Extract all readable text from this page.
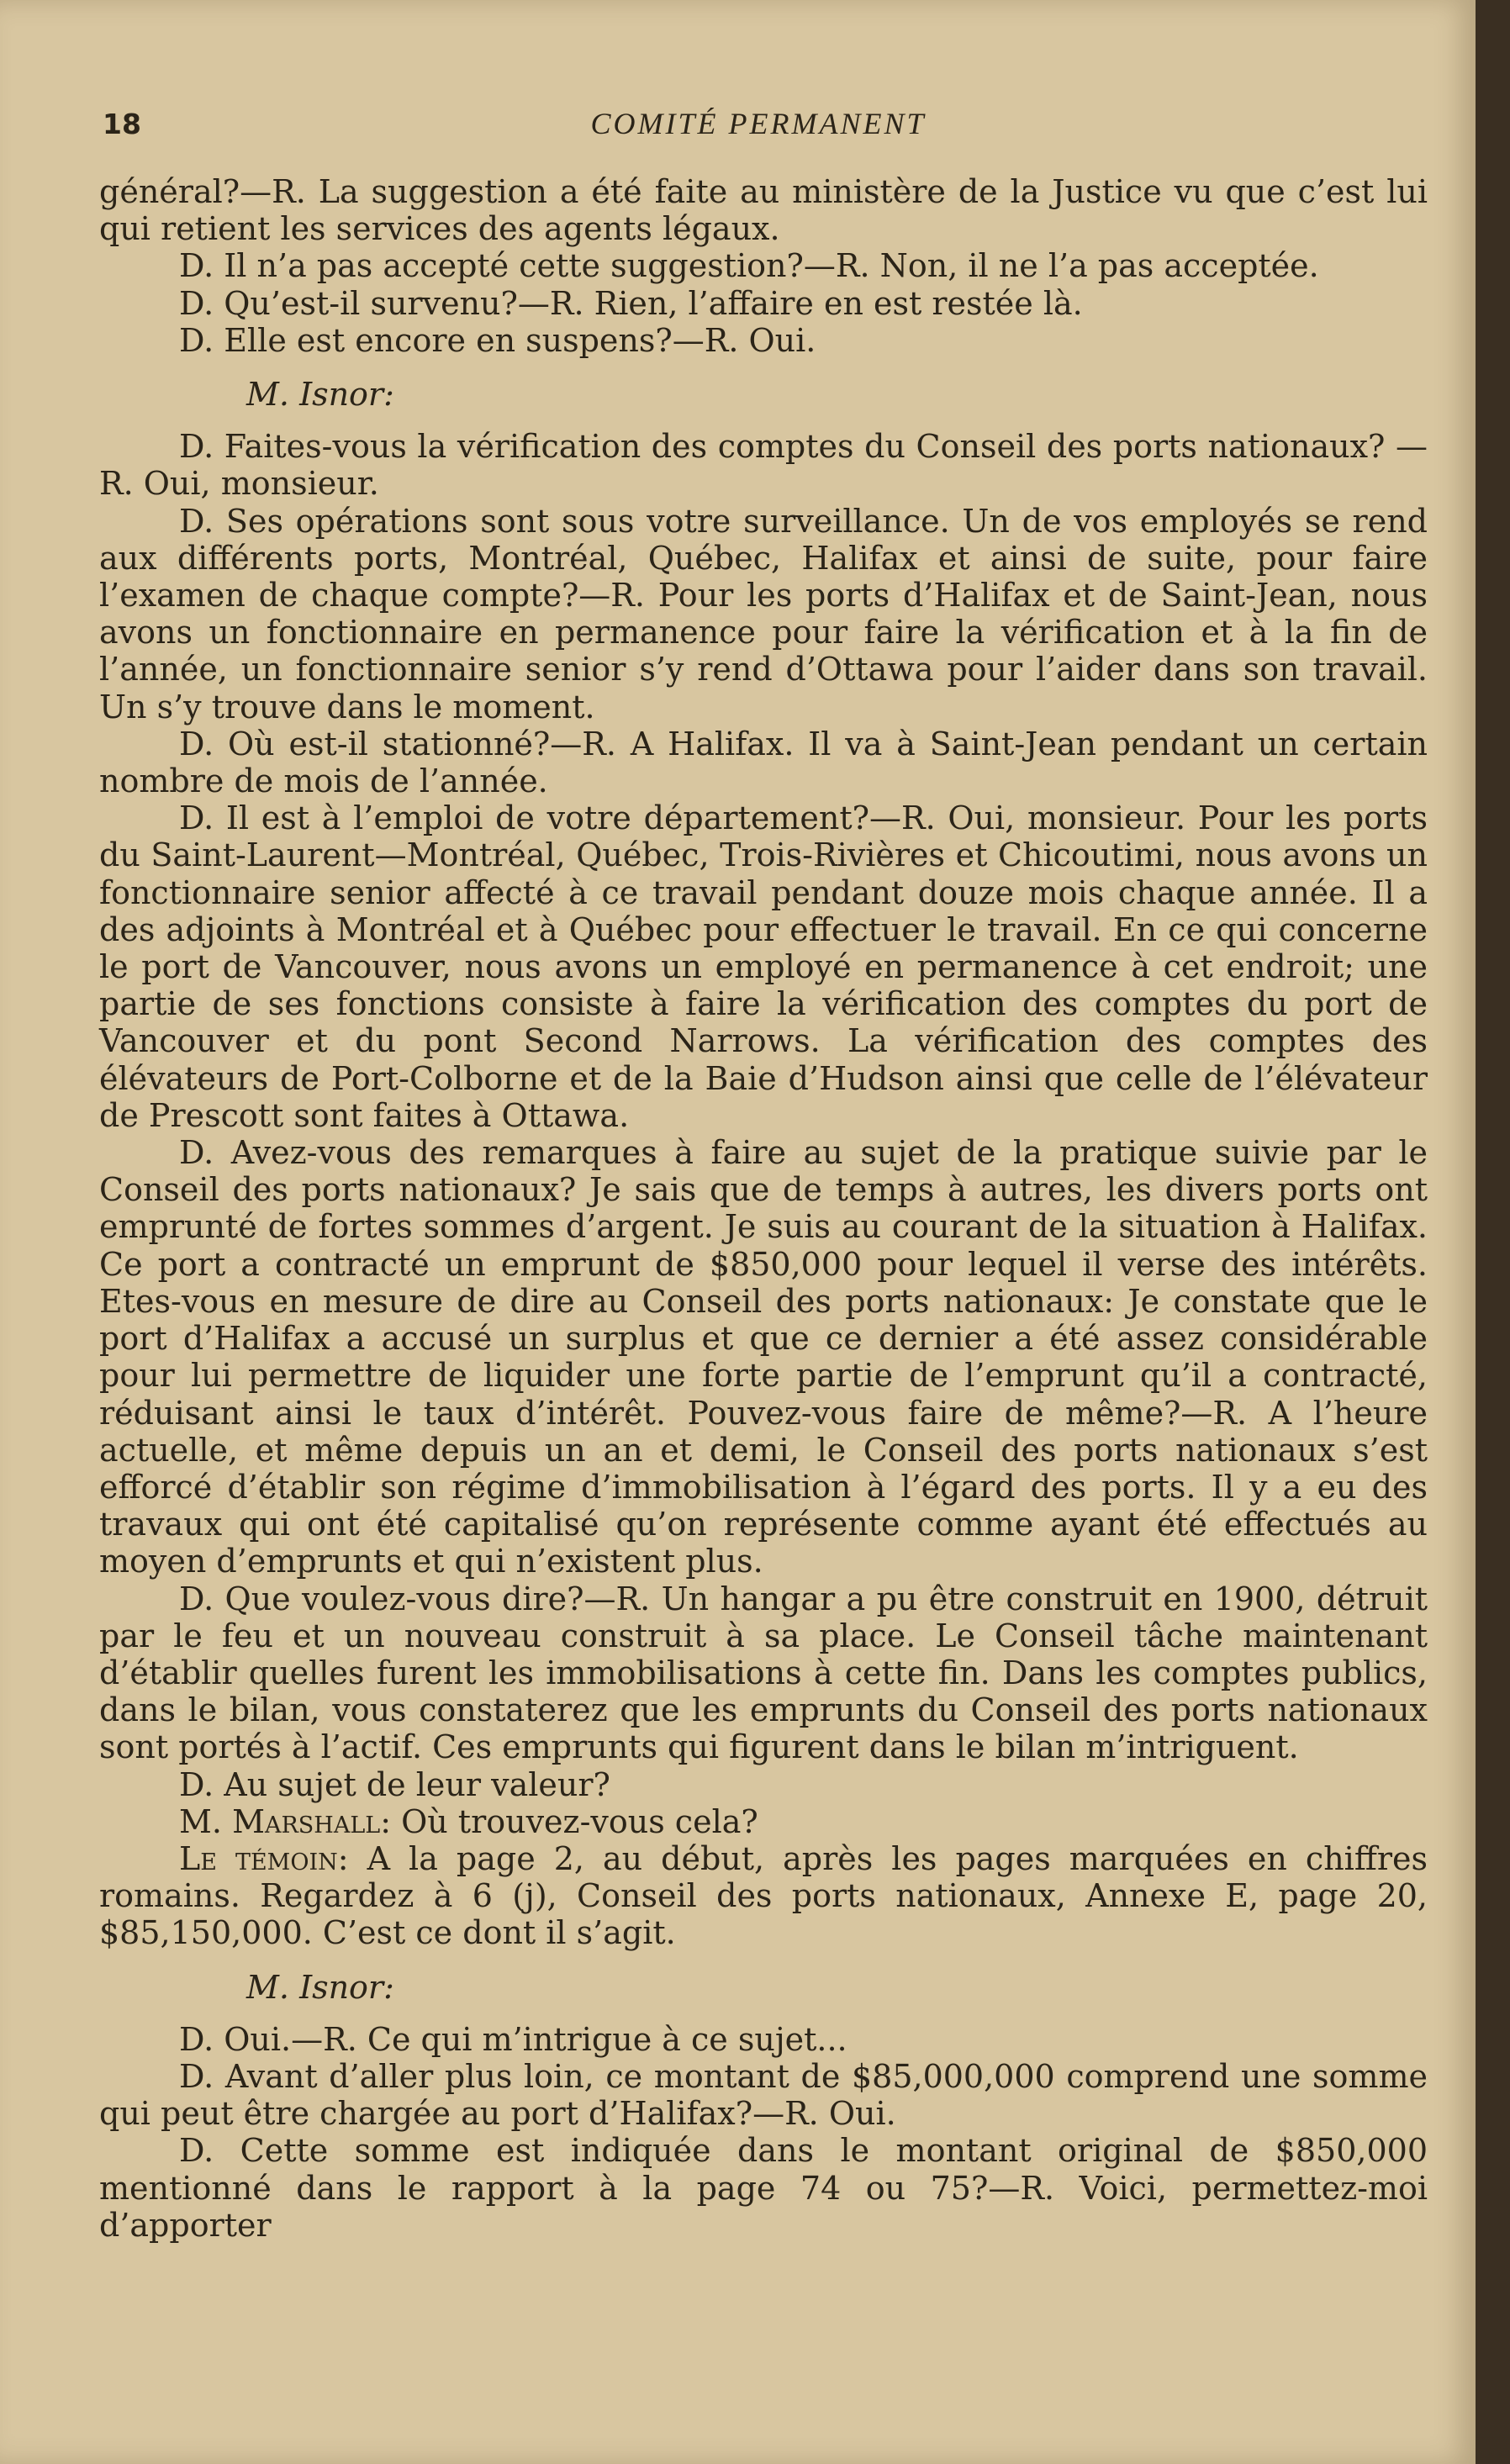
18	COMITÉ PERMANENT

général?—R. La suggestion a été faite au ministère de la Justice vu que c’est lui qui retient les services des agents légaux.

D. Il n’a pas accepté cette suggestion?—R. Non, il ne l’a pas acceptée.

D. Qu’est-il survenu?—R. Rien, l’affaire en est restée là.

D. Elle est encore en suspens?—R. Oui.

M. Isnor:

D. Faites-vous la vérification des comptes du Conseil des ports nationaux? —R. Oui, monsieur.

D. Ses opérations sont sous votre surveillance. Un de vos employés se rend aux différents ports, Montréal, Québec, Halifax et ainsi de suite, pour faire l’examen de chaque compte?—R. Pour les ports d’Halifax et de Saint-Jean, nous avons un fonctionnaire en permanence pour faire la vérification et à la fin de l’année, un fonctionnaire senior s’y rend d’Ottawa pour l’aider dans son travail. Un s’y trouve dans le moment.

D. Où est-il stationné?—R. A Halifax. Il va à Saint-Jean pendant un certain nombre de mois de l’année.

D. Il est à l’emploi de votre département?—R. Oui, monsieur. Pour les ports du Saint-Laurent—Montréal, Québec, Trois-Rivières et Chicoutimi, nous avons un fonctionnaire senior affecté à ce travail pendant douze mois chaque année. Il a des adjoints à Montréal et à Québec pour effectuer le travail. En ce qui concerne le port de Vancouver, nous avons un employé en permanence à cet endroit; une partie de ses fonctions consiste à faire la vérification des comptes du port de Vancouver et du pont Second Narrows. La vérification des comptes des élévateurs de Port-Colborne et de la Baie d’Hudson ainsi que celle de l’élévateur de Prescott sont faites à Ottawa.

D. Avez-vous des remarques à faire au sujet de la pratique suivie par le Conseil des ports nationaux? Je sais que de temps à autres, les divers ports ont emprunté de fortes sommes d’argent. Je suis au courant de la situation à Halifax. Ce port a contracté un emprunt de $850,000 pour lequel il verse des intérêts. Etes-vous en mesure de dire au Conseil des ports nationaux: Je constate que le port d’Halifax a accusé un surplus et que ce dernier a été assez considérable pour lui permettre de liquider une forte partie de l’emprunt qu’il a contracté, réduisant ainsi le taux d’intérêt. Pouvez-vous faire de même?—R. A l’heure actuelle, et même depuis un an et demi, le Conseil des ports nationaux s’est efforcé d’établir son régime d’immobilisation à l’égard des ports. Il y a eu des travaux qui ont été capitalisé qu’on représente comme ayant été effectués au moyen d’emprunts et qui n’existent plus.

D. Que voulez-vous dire?—R. Un hangar a pu être construit en 1900, détruit par le feu et un nouveau construit à sa place. Le Conseil tâche maintenant d’établir quelles furent les immobilisations à cette fin. Dans les comptes publics, dans le bilan, vous constaterez que les emprunts du Conseil des ports nationaux sont portés à l’actif. Ces emprunts qui figurent dans le bilan m’intriguent.

D. Au sujet de leur valeur?

M. Marshall: Où trouvez-vous cela?

Le témoin: A la page 2, au début, après les pages marquées en chiffres romains. Regardez à 6 (j), Conseil des ports nationaux, Annexe E, page 20, $85,150,000. C’est ce dont il s’agit.

M. Isnor:

D. Oui.—R. Ce qui m’intrigue à ce sujet...

D. Avant d’aller plus loin, ce montant de $85,000,000 comprend une somme qui peut être chargée au port d’Halifax?—R. Oui.

D. Cette somme est indiquée dans le montant original de $850,000 mentionné dans le rapport à la page 74 ou 75?—R. Voici, permettez-moi d’apporter
